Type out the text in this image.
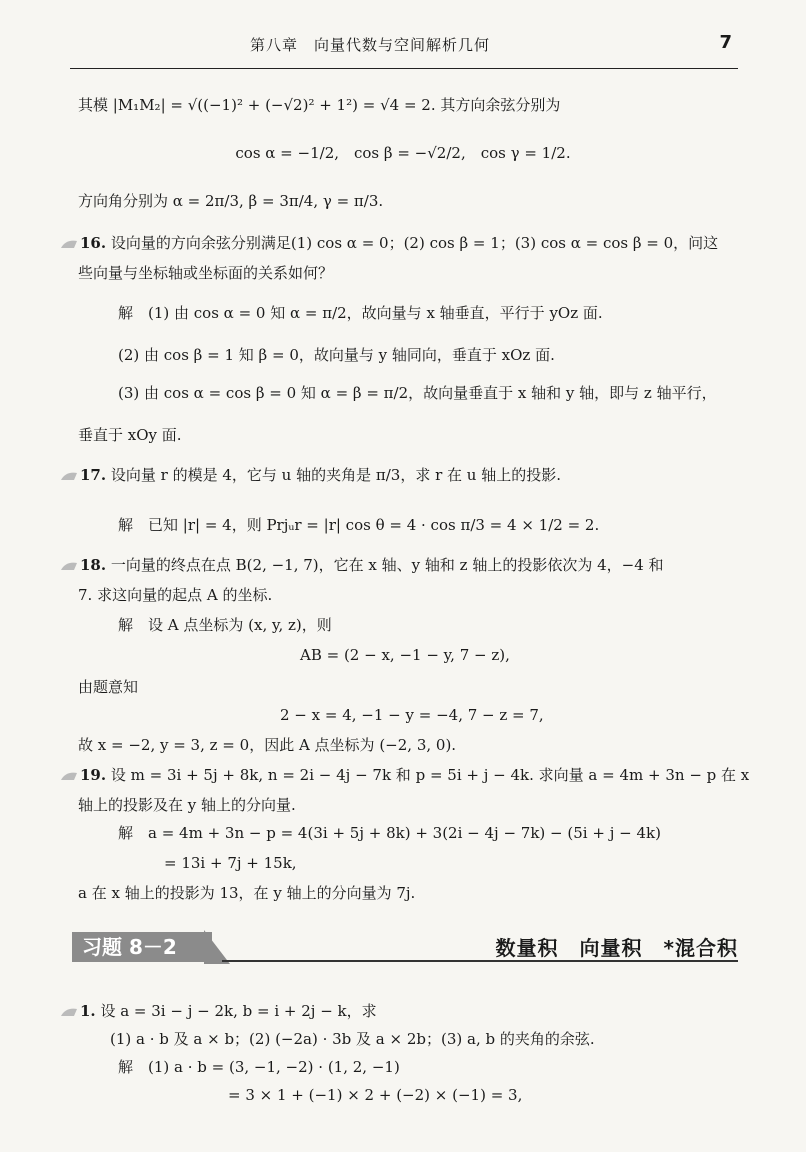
第八章　向量代数与空间解析几何	7
其模 |M₁M₂| = √((−1)² + (−√2)² + 1²) = √4 = 2. 其方向余弦分别为
cos α = −1/2,　cos β = −√2/2,　cos γ = 1/2.
方向角分别为 α = 2π/3, β = 3π/4, γ = π/3.
16. 设向量的方向余弦分别满足(1) cos α = 0；(2) cos β = 1；(3) cos α = cos β = 0，问这
些向量与坐标轴或坐标面的关系如何？
解　(1) 由 cos α = 0 知 α = π/2，故向量与 x 轴垂直，平行于 yOz 面.
(2) 由 cos β = 1 知 β = 0，故向量与 y 轴同向，垂直于 xOz 面.
(3) 由 cos α = cos β = 0 知 α = β = π/2，故向量垂直于 x 轴和 y 轴，即与 z 轴平行，
垂直于 xOy 面.
17. 设向量 r 的模是 4，它与 u 轴的夹角是 π/3，求 r 在 u 轴上的投影.
解　已知 |r| = 4，则 Prjᵤr = |r| cos θ = 4 · cos π/3 = 4 × 1/2 = 2.
18. 一向量的终点在点 B(2, −1, 7)，它在 x 轴、y 轴和 z 轴上的投影依次为 4，−4 和
7. 求这向量的起点 A 的坐标.
解　设 A 点坐标为 (x, y, z)，则
AB = (2 − x, −1 − y, 7 − z),
由题意知
2 − x = 4, −1 − y = −4, 7 − z = 7,
故 x = −2, y = 3, z = 0，因此 A 点坐标为 (−2, 3, 0).
19. 设 m = 3i + 5j + 8k, n = 2i − 4j − 7k 和 p = 5i + j − 4k. 求向量 a = 4m + 3n − p 在 x
轴上的投影及在 y 轴上的分向量.
解　a = 4m + 3n − p = 4(3i + 5j + 8k) + 3(2i − 4j − 7k) − (5i + j − 4k)
= 13i + 7j + 15k,
a 在 x 轴上的投影为 13，在 y 轴上的分向量为 7j.
习题 8－2	数量积　向量积　*混合积
1. 设 a = 3i − j − 2k, b = i + 2j − k，求
(1) a · b 及 a × b；(2) (−2a) · 3b 及 a × 2b；(3) a, b 的夹角的余弦.
解　(1) a · b = (3, −1, −2) · (1, 2, −1)
= 3 × 1 + (−1) × 2 + (−2) × (−1) = 3,
